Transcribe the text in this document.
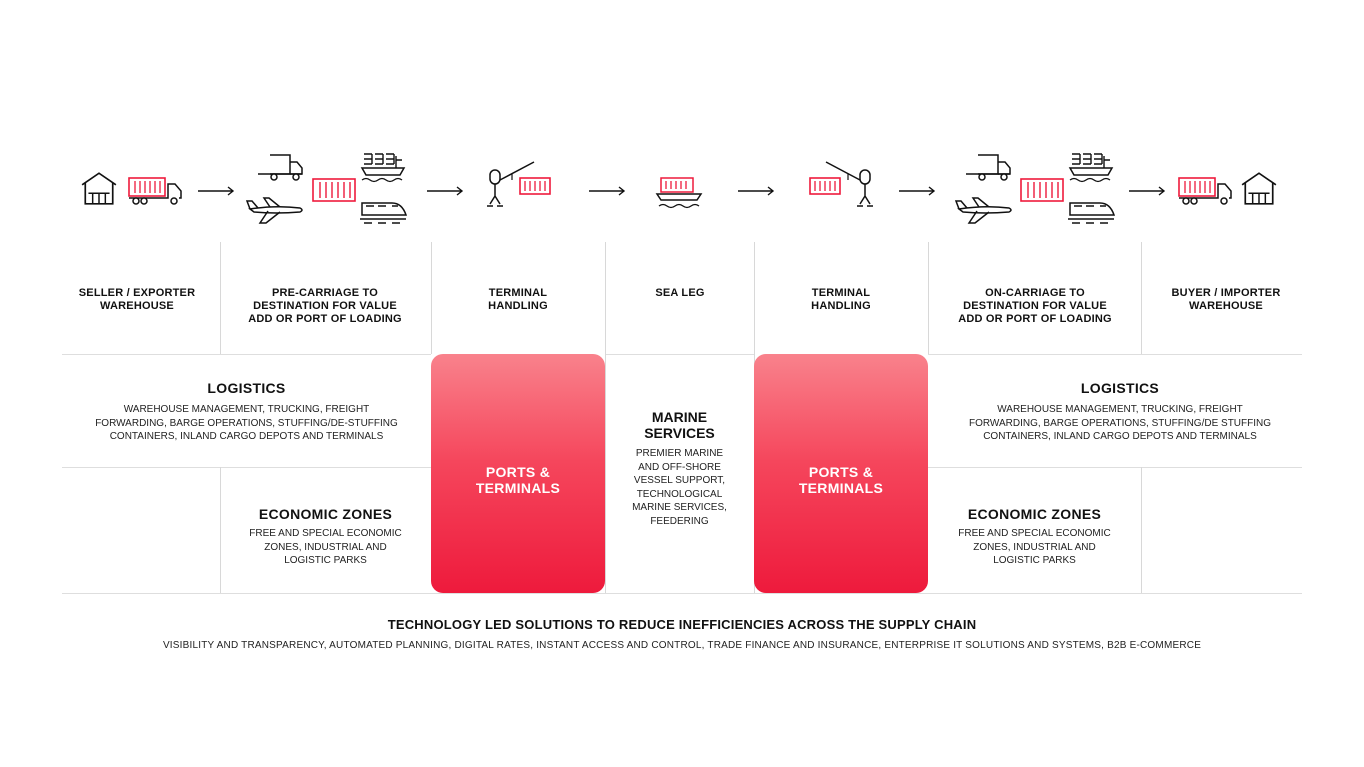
SELLER / EXPORTER
WAREHOUSE
PRE-CARRIAGE TO
DESTINATION FOR VALUE
ADD OR PORT OF LOADING
TERMINAL
HANDLING
SEA LEG	TERMINAL
HANDLING
ON-CARRIAGE TO
DESTINATION FOR VALUE
ADD OR PORT OF LOADING
BUYER / IMPORTER
WAREHOUSE
LOGISTICS
WAREHOUSE MANAGEMENT, TRUCKING, FREIGHT
FORWARDING, BARGE OPERATIONS, STUFFING/DE-STUFFING
CONTAINERS, INLAND CARGO DEPOTS AND TERMINALS
LOGISTICS
WAREHOUSE MANAGEMENT, TRUCKING, FREIGHT
FORWARDING, BARGE OPERATIONS, STUFFING/DE STUFFING
CONTAINERS, INLAND CARGO DEPOTS AND TERMINALS
ECONOMIC ZONES
FREE AND SPECIAL ECONOMIC
ZONES, INDUSTRIAL AND
LOGISTIC PARKS
ECONOMIC ZONES
FREE AND SPECIAL ECONOMIC
ZONES, INDUSTRIAL AND
LOGISTIC PARKS
PORTS &
TERMINALS
PORTS &
TERMINALS
MARINE
SERVICES
PREMIER MARINE
AND OFF-SHORE
VESSEL SUPPORT,
TECHNOLOGICAL
MARINE SERVICES,
FEEDERING
TECHNOLOGY LED SOLUTIONS TO REDUCE INEFFICIENCIES ACROSS THE SUPPLY CHAIN
VISIBILITY AND TRANSPARENCY, AUTOMATED PLANNING, DIGITAL RATES, INSTANT ACCESS AND CONTROL, TRADE FINANCE AND INSURANCE, ENTERPRISE IT SOLUTIONS AND SYSTEMS, B2B E-COMMERCE
